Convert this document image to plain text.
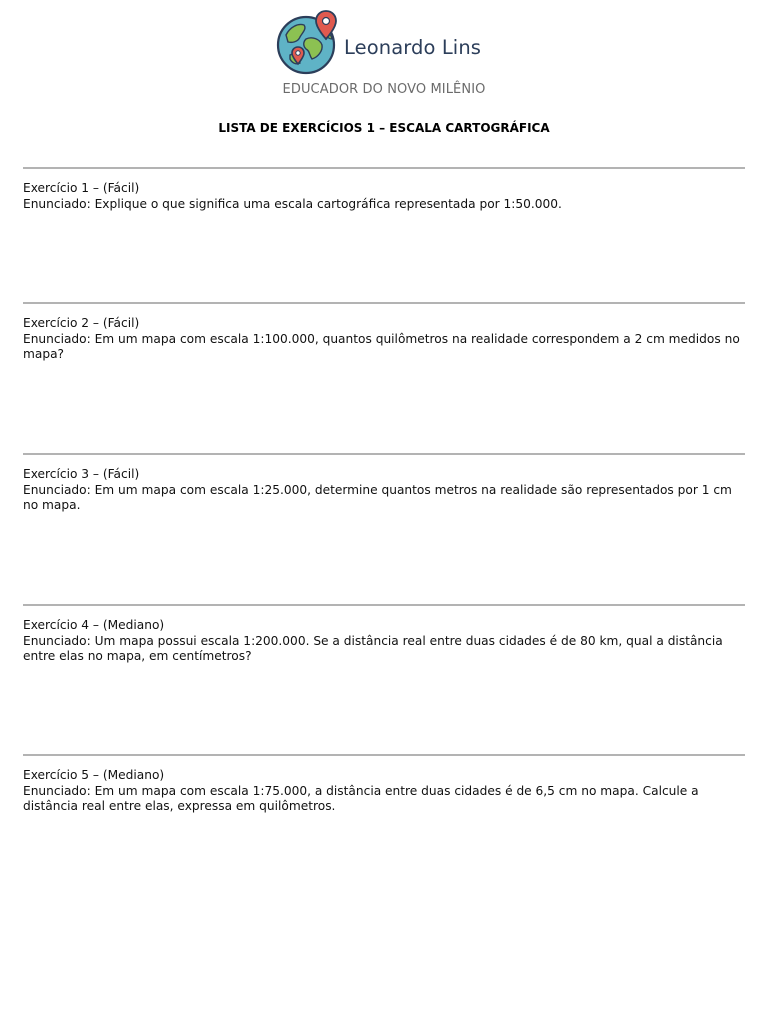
Leonardo Lins
EDUCADOR DO NOVO MILÊNIO
LISTA DE EXERCÍCIOS 1 – ESCALA CARTOGRÁFICA

Exercício 1 – (Fácil)

Enunciado: Explique o que significa uma escala cartográfica representada por 1:50.000.

Exercício 2 – (Fácil)

Enunciado: Em um mapa com escala 1:100.000, quantos quilômetros na realidade correspondem a 2 cm medidos no mapa?

Exercício 3 – (Fácil)

Enunciado: Em um mapa com escala 1:25.000, determine quantos metros na realidade são representados por 1 cm no mapa.

Exercício 4 – (Mediano)

Enunciado: Um mapa possui escala 1:200.000. Se a distância real entre duas cidades é de 80 km, qual a distância entre elas no mapa, em centímetros?

Exercício 5 – (Mediano)

Enunciado: Em um mapa com escala 1:75.000, a distância entre duas cidades é de 6,5 cm no mapa. Calcule a distância real entre elas, expressa em quilômetros.
